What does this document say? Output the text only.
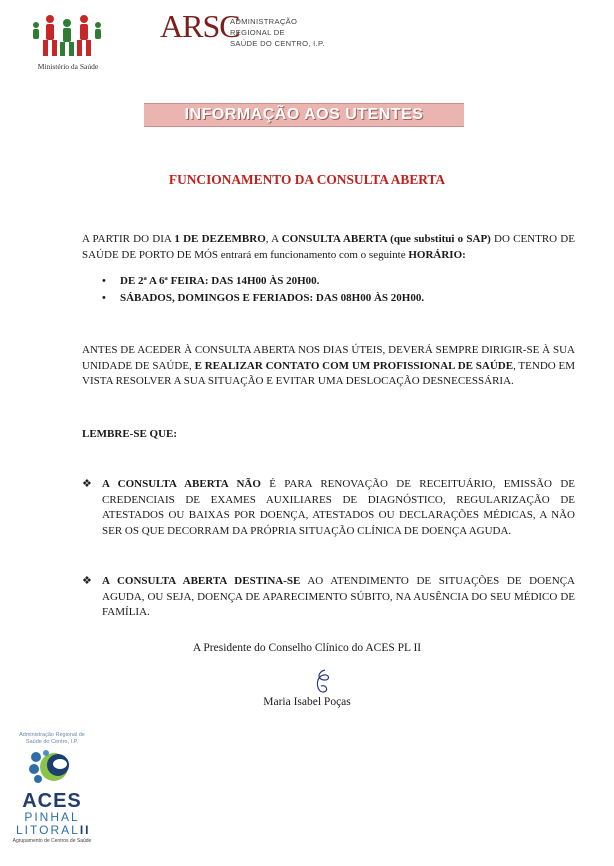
Ministério da Saúde
ARSC
ADMINISTRAÇÃO
REGIONAL DE
SAÚDE DO CENTRO, I.P.
INFORMAÇÃO AOS UTENTES
FUNCIONAMENTO DA CONSULTA ABERTA
A PARTIR DO DIA 1 DE DEZEMBRO, A CONSULTA ABERTA (que substitui o SAP) DO CENTRO DE SAÚDE DE PORTO DE MÓS entrará em funcionamento com o seguinte HORÁRIO:
• DE 2ª A 6ª FEIRA: DAS 14H00 ÀS 20H00.
• SÁBADOS, DOMINGOS E FERIADOS: DAS 08H00 ÀS 20H00.
ANTES DE ACEDER À CONSULTA ABERTA NOS DIAS ÚTEIS, DEVERÁ SEMPRE DIRIGIR-SE À SUA UNIDADE DE SAÚDE, E REALIZAR CONTATO COM UM PROFISSIONAL DE SAÚDE, TENDO EM VISTA RESOLVER A SUA SITUAÇÃO E EVITAR UMA DESLOCAÇÃO DESNECESSÁRIA.
LEMBRE-SE QUE:
❖ A CONSULTA ABERTA NÃO É PARA RENOVAÇÃO DE RECEITUÁRIO, EMISSÃO DE CREDENCIAIS DE EXAMES AUXILIARES DE DIAGNÓSTICO, REGULARIZAÇÃO DE ATESTADOS OU BAIXAS POR DOENÇA, ATESTADOS OU DECLARAÇÕES MÉDICAS, A NÃO SER OS QUE DECORRAM DA PRÓPRIA SITUAÇÃO CLÍNICA DE DOENÇA AGUDA.
❖ A CONSULTA ABERTA DESTINA-SE AO ATENDIMENTO DE SITUAÇÕES DE DOENÇA AGUDA, OU SEJA, DOENÇA DE APARECIMENTO SÚBITO, NA AUSÊNCIA DO SEU MÉDICO DE FAMÍLIA.
A Presidente do Conselho Clínico do ACES PL II
Maria Isabel Poças
Administração Regional de Saúde do Centro, I.P.
ACES
PINHAL
LITORALII
Agrupamento de Centros de Saúde
